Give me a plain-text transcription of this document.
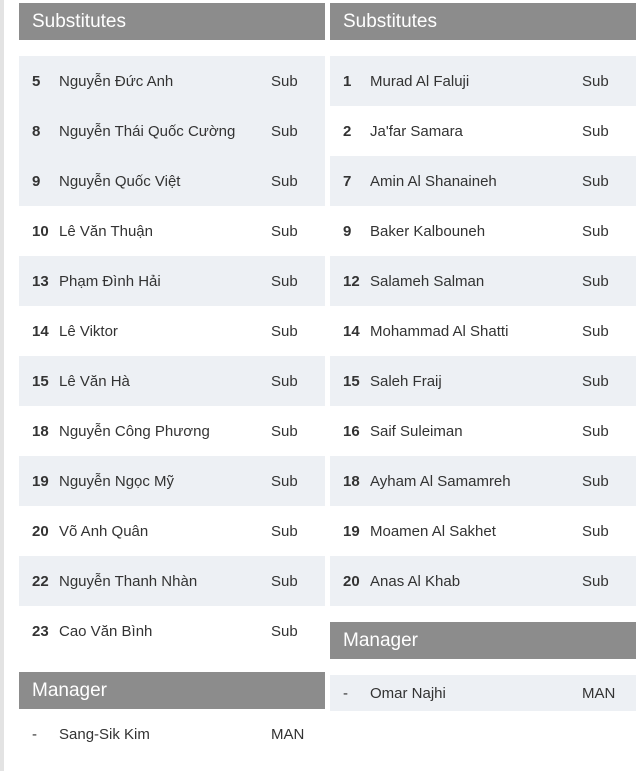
Substitutes
5	Nguyễn Đức Anh	Sub
8	Nguyễn Thái Quốc Cường	Sub
9	Nguyễn Quốc Việt	Sub
10 Lê Văn Thuận	Sub
13 Phạm Đình Hải	Sub
14 Lê Viktor	Sub
15 Lê Văn Hà	Sub
18 Nguyễn Công Phương	Sub
19 Nguyễn Ngọc Mỹ	Sub
20 Võ Anh Quân	Sub
22 Nguyễn Thanh Nhàn	Sub
23 Cao Văn Bình	Sub
Manager
-	Sang-Sik Kim	MAN
Substitutes
1	Murad Al Faluji	Sub
2	Ja'far Samara	Sub
7	Amin Al Shanaineh	Sub
9	Baker Kalbouneh	Sub
12 Salameh Salman	Sub
14 Mohammad Al Shatti	Sub
15 Saleh Fraij	Sub
16 Saif Suleiman	Sub
18 Ayham Al Samamreh	Sub
19 Moamen Al Sakhet	Sub
20 Anas Al Khab	Sub
Manager
-	Omar Najhi	MAN
